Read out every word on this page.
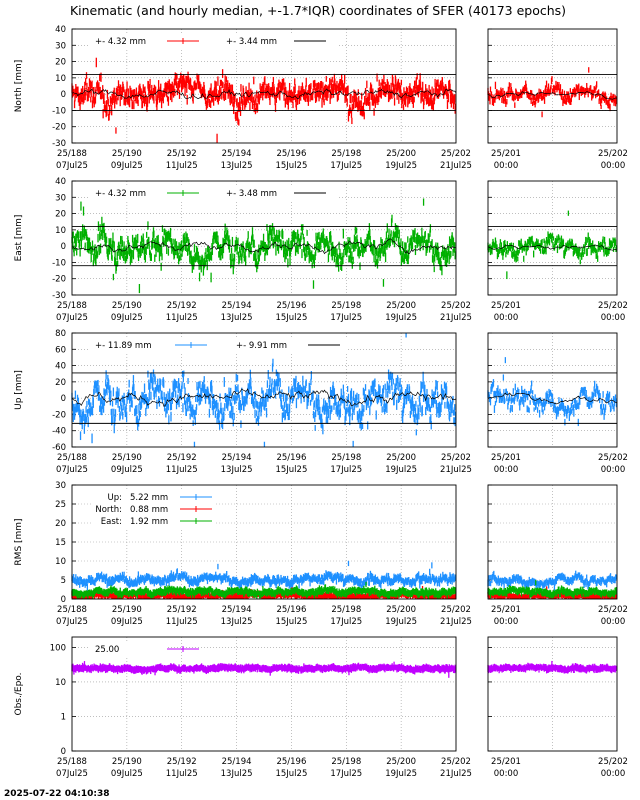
Kinematic (and hourly median, +-1.7*IQR) coordinates of SFER (40173 epochs)
North [mm]
-30
-20
-10
0
10
20
30
40
25/188
07Jul25
25/190
09Jul25
25/192
11Jul25
25/194
13Jul25
25/196
15Jul25
25/198
17Jul25
25/200
19Jul25
25/202
21Jul25
25/201
00:00
25/202
00:00
+- 4.32 mm	+- 3.44 mm
East [mm]
-30
-20
-10
0
10
20
30
40
25/188
07Jul25
25/190
09Jul25
25/192
11Jul25
25/194
13Jul25
25/196
15Jul25
25/198
17Jul25
25/200
19Jul25
25/202
21Jul25
25/201
00:00
25/202
00:00
+- 4.32 mm	+- 3.48 mm
Up [mm]
-60
-40
-20
0
20
40
60
80
25/188
07Jul25
25/190
09Jul25
25/192
11Jul25
25/194
13Jul25
25/196
15Jul25
25/198
17Jul25
25/200
19Jul25
25/202
21Jul25
25/201
00:00
25/202
00:00
+- 11.89 mm	+- 9.91 mm
RMS [mm]
0
5
10
15
20
25
30
25/188
07Jul25
25/190
09Jul25
25/192
11Jul25
25/194
13Jul25
25/196
15Jul25
25/198
17Jul25
25/200
19Jul25
25/202
21Jul25
25/201
00:00
25/202
00:00
Up: 5.22 mm
North: 0.88 mm
East: 1.92 mm
Obs./Epo.
0
1
10
100
25/188
07Jul25
25/190
09Jul25
25/192
11Jul25
25/194
13Jul25
25/196
15Jul25
25/198
17Jul25
25/200
19Jul25
25/202
21Jul25
25/201
00:00
25/202
00:00
25.00
2025-07-22 04:10:38
